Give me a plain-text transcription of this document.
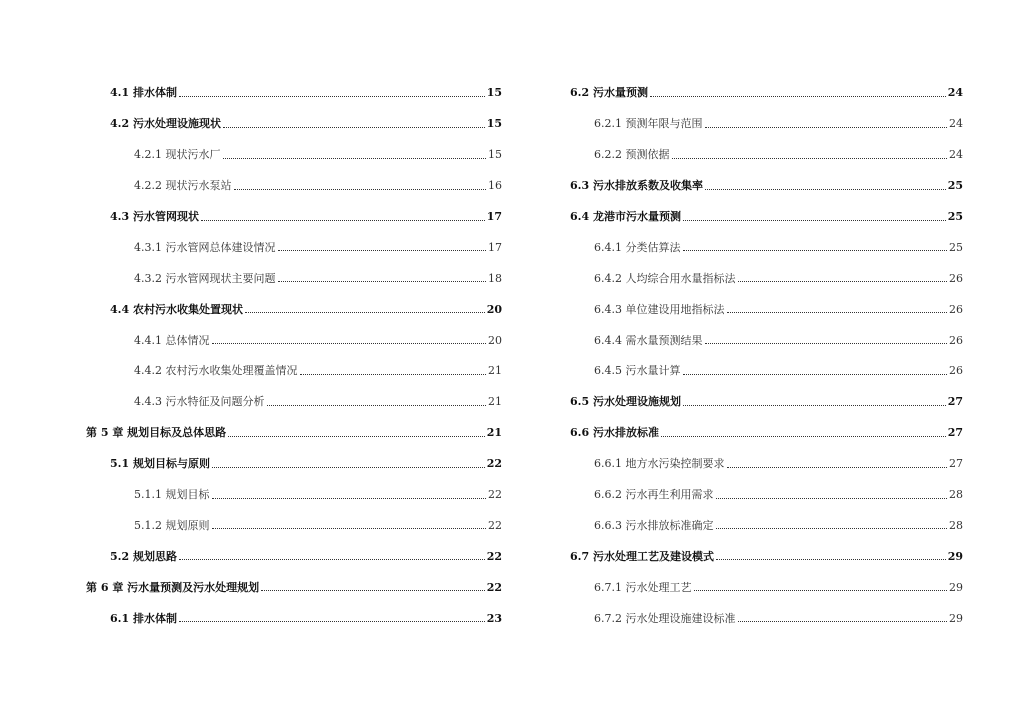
4.1 排水体制	15
4.2 污水处理设施现状	15
4.2.1 现状污水厂	15
4.2.2 现状污水泵站	16
4.3 污水管网现状	17
4.3.1 污水管网总体建设情况	17
4.3.2 污水管网现状主要问题	18
4.4 农村污水收集处置现状	20
4.4.1 总体情况	20
4.4.2 农村污水收集处理覆盖情况	21
4.4.3 污水特征及问题分析	21
第 5 章 规划目标及总体思路	21
5.1 规划目标与原则	22
5.1.1 规划目标	22
5.1.2 规划原则	22
5.2 规划思路	22
第 6 章 污水量预测及污水处理规划	22
6.1 排水体制	23
6.2 污水量预测	24
6.2.1 预测年限与范围	24
6.2.2 预测依据	24
6.3 污水排放系数及收集率	25
6.4 龙港市污水量预测	25
6.4.1 分类估算法	25
6.4.2 人均综合用水量指标法	26
6.4.3 单位建设用地指标法	26
6.4.4 需水量预测结果	26
6.4.5 污水量计算	26
6.5 污水处理设施规划	27
6.6 污水排放标准	27
6.6.1 地方水污染控制要求	27
6.6.2 污水再生利用需求	28
6.6.3 污水排放标准确定	28
6.7 污水处理工艺及建设模式	29
6.7.1 污水处理工艺	29
6.7.2 污水处理设施建设标准	29
